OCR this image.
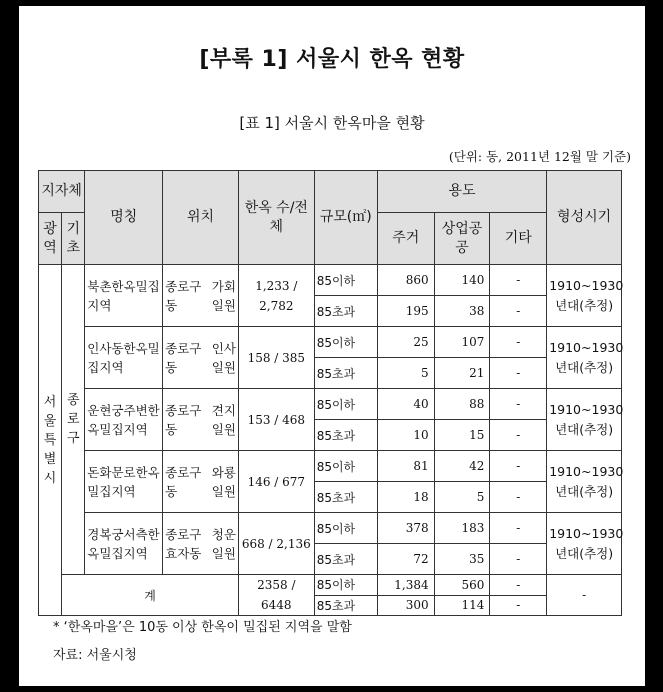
[부록 1] 서울시 한옥 현황
[표 1] 서울시 한옥마을 현황
(단위: 동, 2011년 12월 말 기준)
지자체		명칭	위치	한옥 수/전체	규모(㎡)	용도			형성시기
광역	기초					주거	상업공공	기타	
서울특별시	종로구	북촌한옥밀집지역	종로구 가회동 일원	1,233 / 2,782	85이하	860	140	-	1910~1930년대(추정)
					85초과	195	38	-	
		인사동한옥밀집지역	종로구 인사동 일원	158 / 385	85이하	25	107	-	1910~1930년대(추정)
					85초과	5	21	-	
		운현궁주변한옥밀집지역	종로구 견지동 일원	153 / 468	85이하	40	88	-	1910~1930년대(추정)
					85초과	10	15	-	
		돈화문로한옥밀집지역	종로구 와룡동 일원	146 / 677	85이하	81	42	-	1910~1930년대(추정)
					85초과	18	5	-	
		경복궁서측한옥밀집지역	종로구 청운효자동 일원	668 / 2,136	85이하	378	183	-	1910~1930년대(추정)
					85초과	72	35	-	
	계			2358 / 6448	85이하	1,384	560	-	-
					85초과	300	114	-	
* ‘한옥마을’은 10동 이상 한옥이 밀집된 지역을 말함
자료: 서울시청
